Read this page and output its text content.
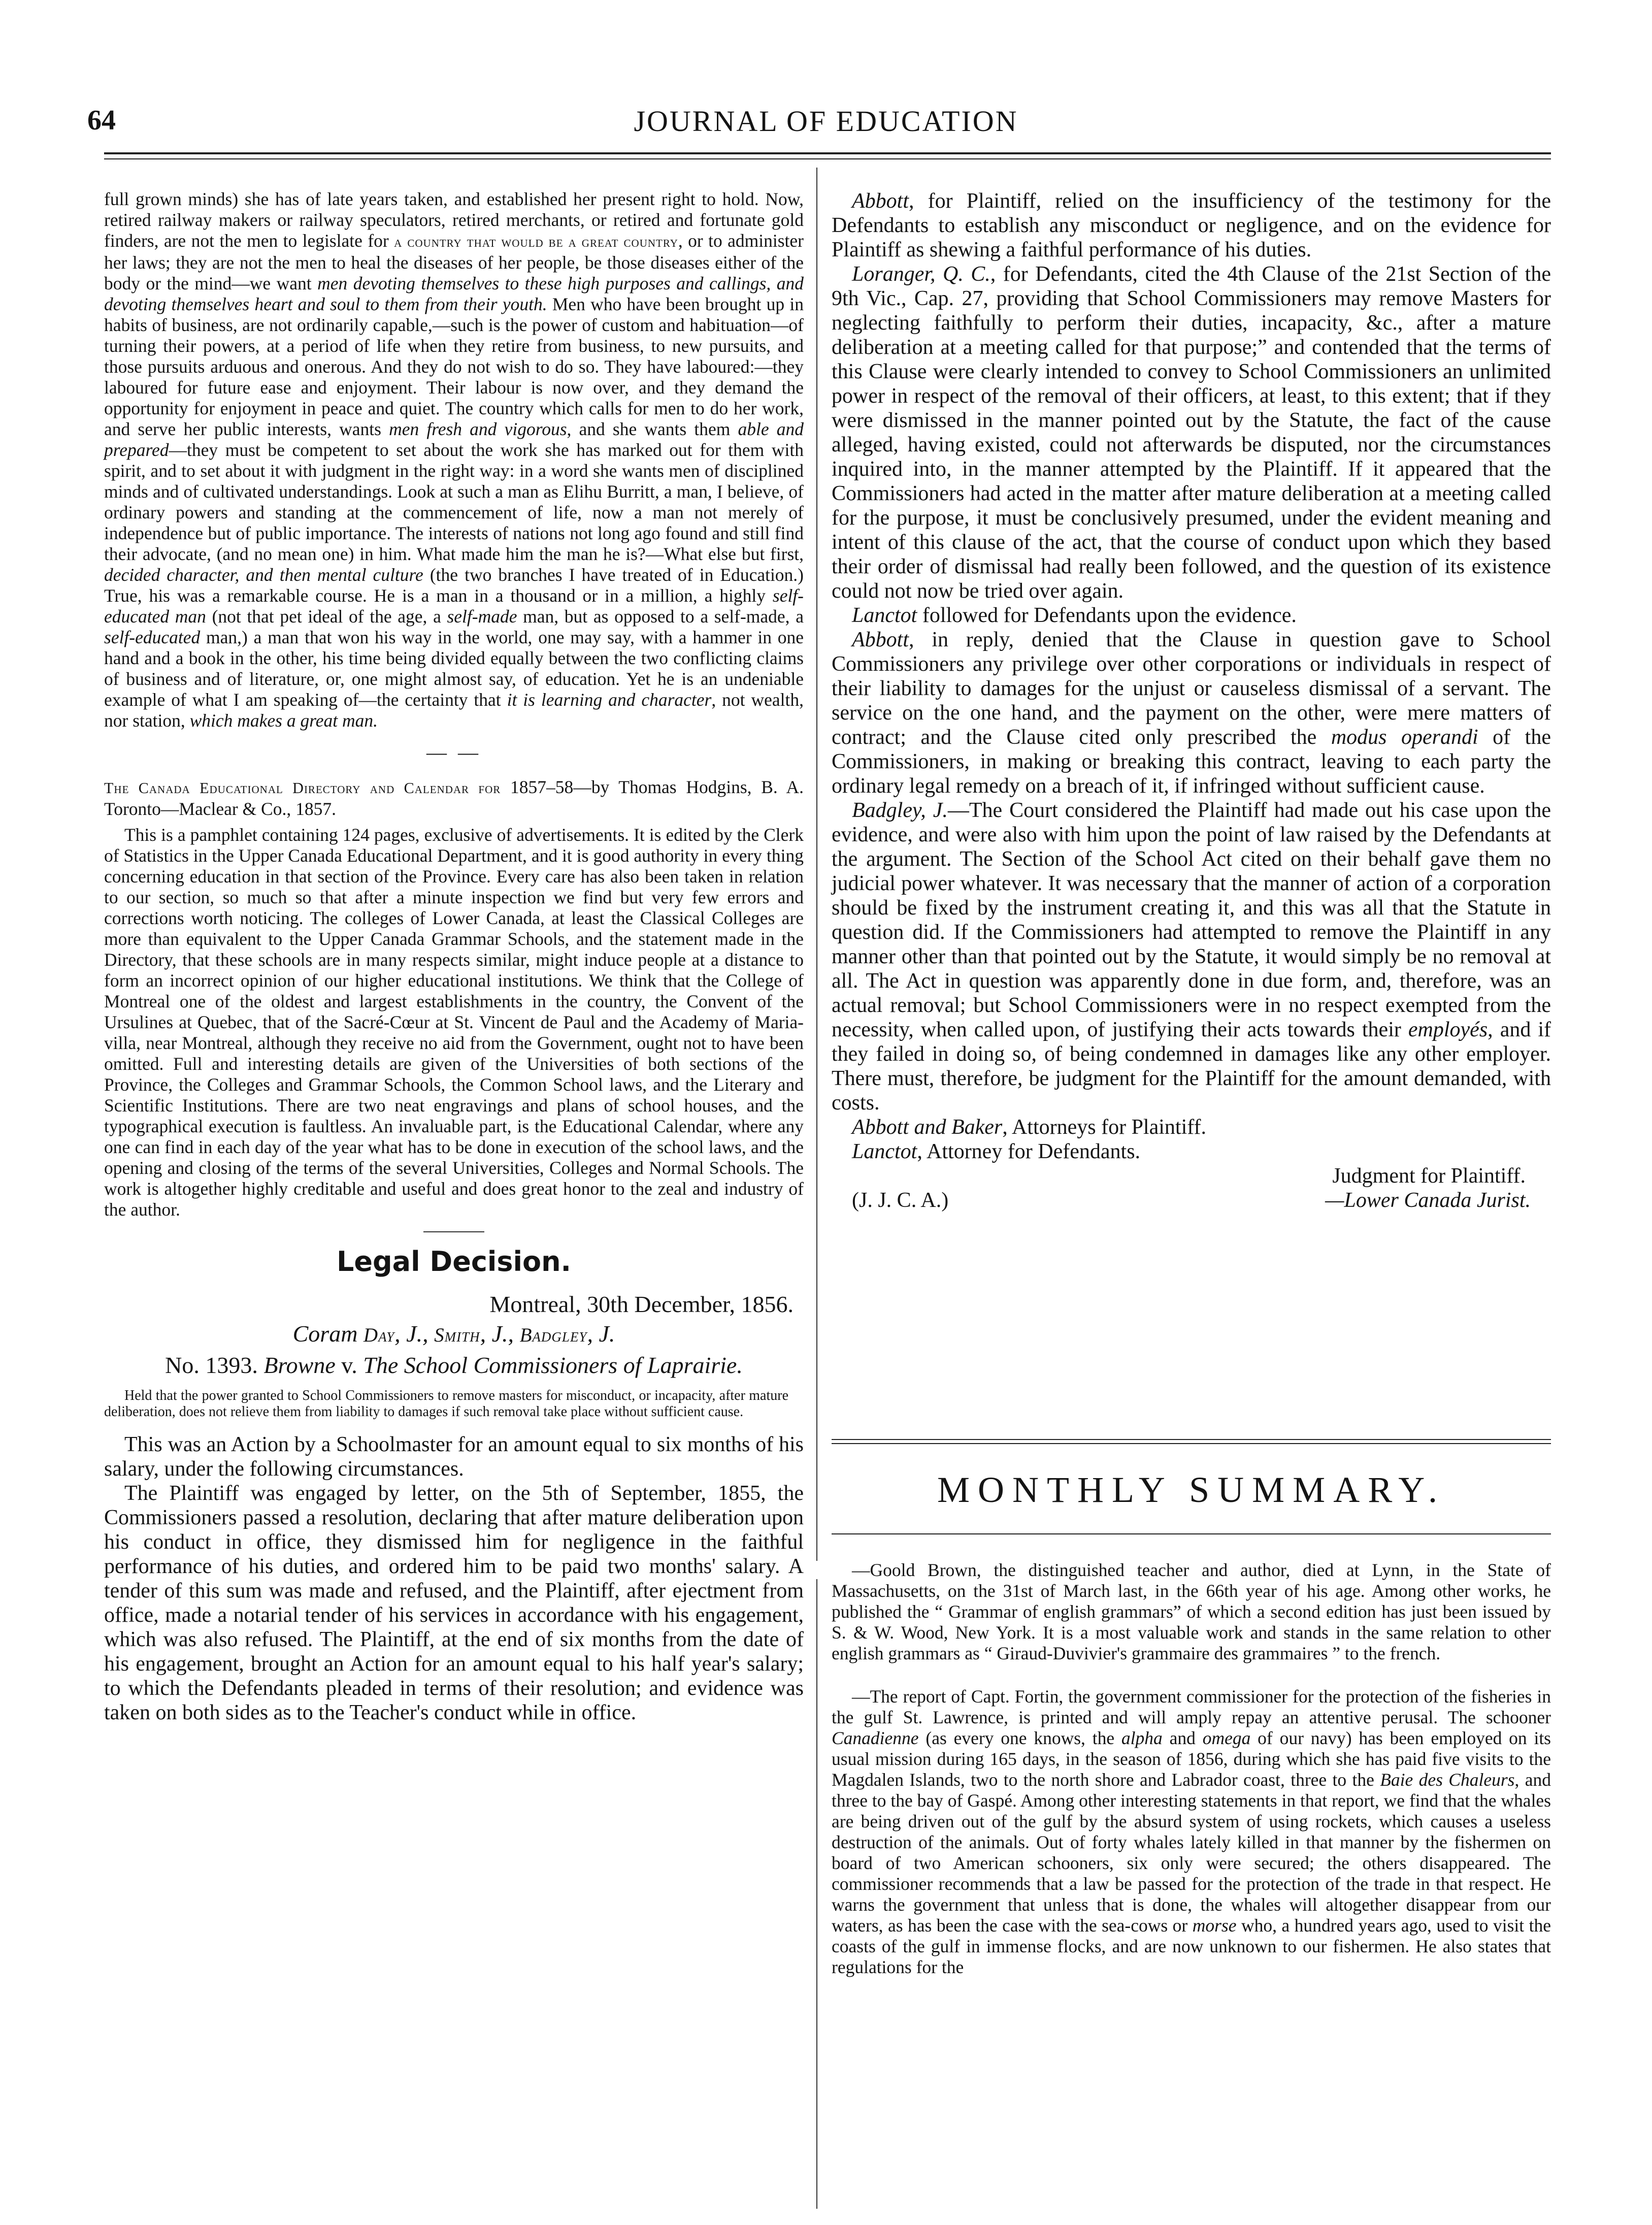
64	JOURNAL OF EDUCATION

full grown minds) she has of late years taken, and established her present right to hold. Now, retired railway makers or railway speculators, retired merchants, or retired and fortunate gold finders, are not the men to legislate for a country that would be a great country, or to administer her laws; they are not the men to heal the diseases of her people, be those diseases either of the body or the mind—we want men devoting themselves to these high purposes and callings, and devoting themselves heart and soul to them from their youth. Men who have been brought up in habits of business, are not ordinarily capable,—such is the power of custom and habituation—of turning their powers, at a period of life when they retire from business, to new pursuits, and those pursuits arduous and onerous. And they do not wish to do so. They have laboured:—they laboured for future ease and enjoyment. Their labour is now over, and they demand the opportunity for enjoyment in peace and quiet. The country which calls for men to do her work, and serve her public interests, wants men fresh and vigorous, and she wants them able and prepared—they must be competent to set about the work she has marked out for them with spirit, and to set about it with judgment in the right way: in a word she wants men of disciplined minds and of cultivated understandings. Look at such a man as Elihu Burritt, a man, I believe, of ordinary powers and standing at the commencement of life, now a man not merely of independence but of public importance. The interests of nations not long ago found and still find their advocate, (and no mean one) in him. What made him the man he is?—What else but first, decided character, and then mental culture (the two branches I have treated of in Education.) True, his was a remarkable course. He is a man in a thousand or in a million, a highly self-educated man (not that pet ideal of the age, a self-made man, but as opposed to a self-made, a self-educated man,) a man that won his way in the world, one may say, with a hammer in one hand and a book in the other, his time being divided equally between the two conflicting claims of business and of literature, or, one might almost say, of education. Yet he is an undeniable example of what I am speaking of—the certainty that it is learning and character, not wealth, nor station, which makes a great man.

— —

The Canada Educational Directory and Calendar for 1857–58—by Thomas Hodgins, B. A. Toronto—Maclear & Co., 1857.

This is a pamphlet containing 124 pages, exclusive of advertisements. It is edited by the Clerk of Statistics in the Upper Canada Educational Department, and it is good authority in every thing concerning education in that section of the Province. Every care has also been taken in relation to our section, so much so that after a minute inspection we find but very few errors and corrections worth noticing. The colleges of Lower Canada, at least the Classical Colleges are more than equivalent to the Upper Canada Grammar Schools, and the statement made in the Directory, that these schools are in many respects similar, might induce people at a distance to form an incorrect opinion of our higher educational institutions. We think that the College of Montreal one of the oldest and largest establishments in the country, the Convent of the Ursulines at Quebec, that of the Sacré-Cœur at St. Vincent de Paul and the Academy of Maria-villa, near Montreal, although they receive no aid from the Government, ought not to have been omitted. Full and interesting details are given of the Universities of both sections of the Province, the Colleges and Grammar Schools, the Common School laws, and the Literary and Scientific Institutions. There are two neat engravings and plans of school houses, and the typographical execution is faultless. An invaluable part, is the Educational Calendar, where any one can find in each day of the year what has to be done in execution of the school laws, and the opening and closing of the terms of the several Universities, Colleges and Normal Schools. The work is altogether highly creditable and useful and does great honor to the zeal and industry of the author.

Legal Decision.
Montreal, 30th December, 1856.
Coram Day, J., Smith, J., Badgley, J.
No. 1393. Browne v. The School Commissioners of Laprairie.

Held that the power granted to School Commissioners to remove masters for misconduct, or incapacity, after mature deliberation, does not relieve them from liability to damages if such removal take place without sufficient cause.

This was an Action by a Schoolmaster for an amount equal to six months of his salary, under the following circumstances.

The Plaintiff was engaged by letter, on the 5th of September, 1855, the Commissioners passed a resolution, declaring that after mature deliberation upon his conduct in office, they dismissed him for negligence in the faithful performance of his duties, and ordered him to be paid two months' salary. A tender of this sum was made and refused, and the Plaintiff, after ejectment from office, made a notarial tender of his services in accordance with his engagement, which was also refused. The Plaintiff, at the end of six months from the date of his engagement, brought an Action for an amount equal to his half year's salary; to which the Defendants pleaded in terms of their resolution; and evidence was taken on both sides as to the Teacher's conduct while in office.

Abbott, for Plaintiff, relied on the insufficiency of the testimony for the Defendants to establish any misconduct or negligence, and on the evidence for Plaintiff as shewing a faithful performance of his duties.

Loranger, Q. C., for Defendants, cited the 4th Clause of the 21st Section of the 9th Vic., Cap. 27, providing that School Commissioners may remove Masters for neglecting faithfully to perform their duties, incapacity, &c., after a mature deliberation at a meeting called for that purpose;” and contended that the terms of this Clause were clearly intended to convey to School Commissioners an unlimited power in respect of the removal of their officers, at least, to this extent; that if they were dismissed in the manner pointed out by the Statute, the fact of the cause alleged, having existed, could not afterwards be disputed, nor the circumstances inquired into, in the manner attempted by the Plaintiff. If it appeared that the Commissioners had acted in the matter after mature deliberation at a meeting called for the purpose, it must be conclusively presumed, under the evident meaning and intent of this clause of the act, that the course of conduct upon which they based their order of dismissal had really been followed, and the question of its existence could not now be tried over again.

Lanctot followed for Defendants upon the evidence.

Abbott, in reply, denied that the Clause in question gave to School Commissioners any privilege over other corporations or individuals in respect of their liability to damages for the unjust or causeless dismissal of a servant. The service on the one hand, and the payment on the other, were mere matters of contract; and the Clause cited only prescribed the modus operandi of the Commissioners, in making or breaking this contract, leaving to each party the ordinary legal remedy on a breach of it, if infringed without sufficient cause.

Badgley, J.—The Court considered the Plaintiff had made out his case upon the evidence, and were also with him upon the point of law raised by the Defendants at the argument. The Section of the School Act cited on their behalf gave them no judicial power whatever. It was necessary that the manner of action of a corporation should be fixed by the instrument creating it, and this was all that the Statute in question did. If the Commissioners had attempted to remove the Plaintiff in any manner other than that pointed out by the Statute, it would simply be no removal at all. The Act in question was apparently done in due form, and, therefore, was an actual removal; but School Commissioners were in no respect exempted from the necessity, when called upon, of justifying their acts towards their employés, and if they failed in doing so, of being condemned in damages like any other employer. There must, therefore, be judgment for the Plaintiff for the amount demanded, with costs.

Abbott and Baker, Attorneys for Plaintiff.

Lanctot, Attorney for Defendants.

Judgment for Plaintiff.
(J. J. C. A.)	—Lower Canada Jurist.
MONTHLY SUMMARY.

—Goold Brown, the distinguished teacher and author, died at Lynn, in the State of Massachusetts, on the 31st of March last, in the 66th year of his age. Among other works, he published the “ Grammar of english grammars” of which a second edition has just been issued by S. & W. Wood, New York. It is a most valuable work and stands in the same relation to other english grammars as “ Giraud-Duvivier's grammaire des grammaires ” to the french.

—The report of Capt. Fortin, the government commissioner for the protection of the fisheries in the gulf St. Lawrence, is printed and will amply repay an attentive perusal. The schooner Canadienne (as every one knows, the alpha and omega of our navy) has been employed on its usual mission during 165 days, in the season of 1856, during which she has paid five visits to the Magdalen Islands, two to the north shore and Labrador coast, three to the Baie des Chaleurs, and three to the bay of Gaspé. Among other interesting statements in that report, we find that the whales are being driven out of the gulf by the absurd system of using rockets, which causes a useless destruction of the animals. Out of forty whales lately killed in that manner by the fishermen on board of two American schooners, six only were secured; the others disappeared. The commissioner recommends that a law be passed for the protection of the trade in that respect. He warns the government that unless that is done, the whales will altogether disappear from our waters, as has been the case with the sea-cows or morse who, a hundred years ago, used to visit the coasts of the gulf in immense flocks, and are now unknown to our fishermen. He also states that regulations for the
